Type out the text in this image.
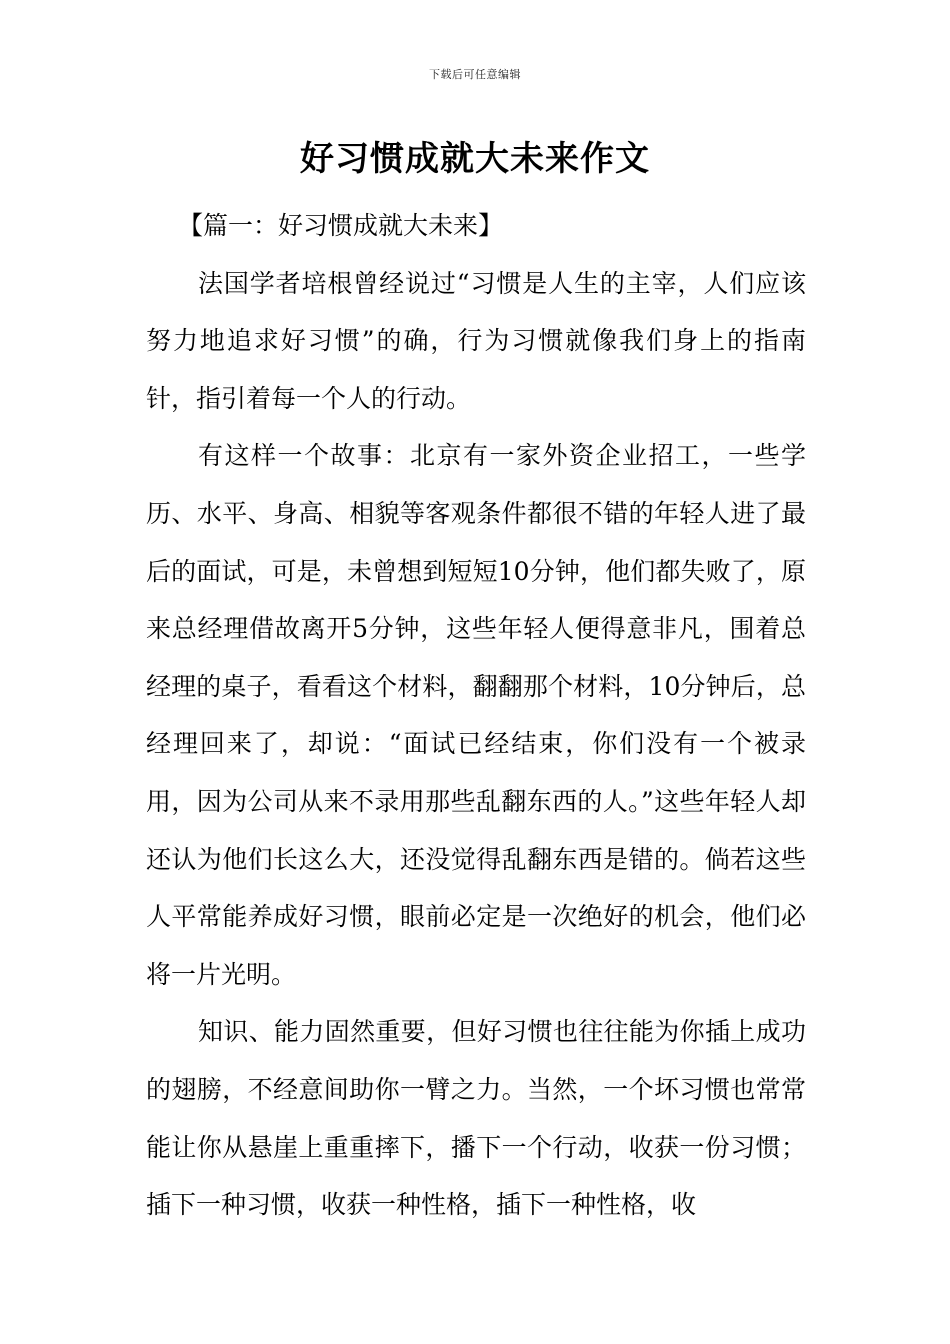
下载后可任意编辑
好习惯成就大未来作文

【篇一：好习惯成就大未来】

法国学者培根曾经说过“习惯是人生的主宰，人们应该努力地追求好习惯”的确，行为习惯就像我们身上的指南针，指引着每一个人的行动。

有这样一个故事：北京有一家外资企业招工，一些学历、水平、身高、相貌等客观条件都很不错的年轻人进了最后的面试，可是，未曾想到短短10分钟，他们都失败了，原来总经理借故离开5分钟，这些年轻人便得意非凡，围着总经理的桌子，看看这个材料，翻翻那个材料，10分钟后，总经理回来了，却说：“面试已经结束，你们没有一个被录用，因为公司从来不录用那些乱翻东西的人。”这些年轻人却还认为他们长这么大，还没觉得乱翻东西是错的。倘若这些人平常能养成好习惯，眼前必定是一次绝好的机会，他们必将一片光明。

知识、能力固然重要，但好习惯也往往能为你插上成功的翅膀，不经意间助你一臂之力。当然，一个坏习惯也常常能让你从悬崖上重重摔下，播下一个行动，收获一份习惯；插下一种习惯，收获一种性格，插下一种性格，收
